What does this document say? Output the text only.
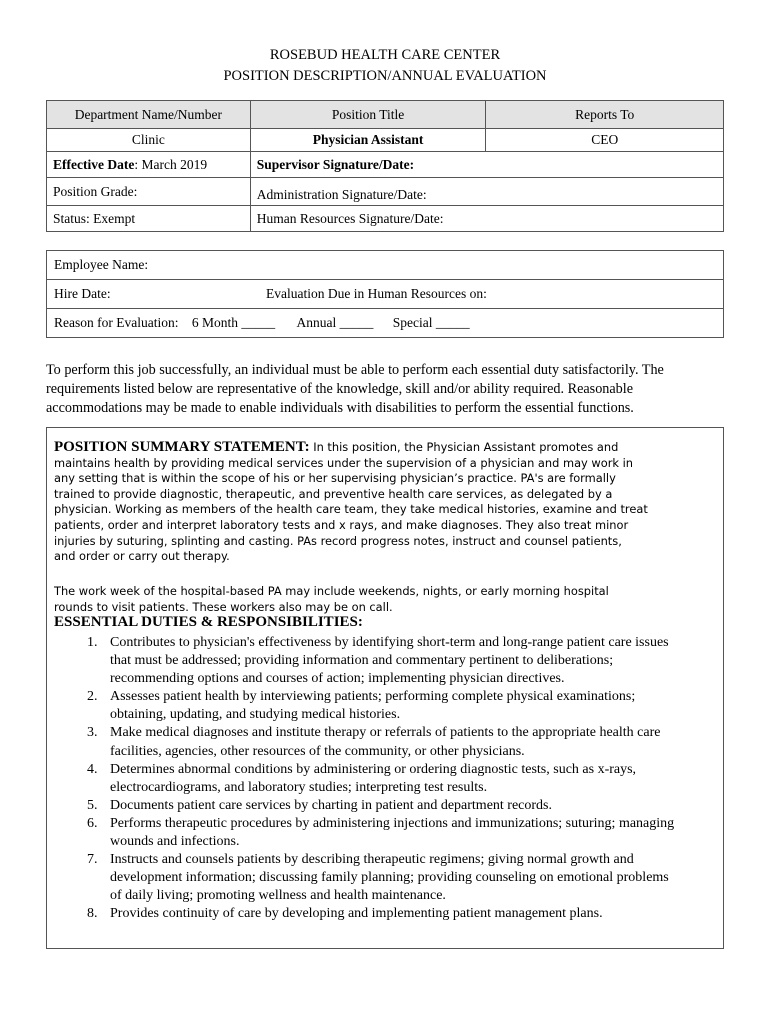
ROSEBUD HEALTH CARE CENTER
POSITION DESCRIPTION/ANNUAL EVALUATION
Department Name/Number	Position Title	Reports To
Clinic	Physician Assistant	CEO
Effective Date: March 2019	Supervisor Signature/Date:	
Position Grade:	Administration Signature/Date:	
Status: Exempt	Human Resources Signature/Date:	
Employee Name:
Hire Date:	Evaluation Due in Human Resources on:
Reason for Evaluation: 6 Month _____ Annual _____ Special _____
To perform this job successfully, an individual must be able to perform each essential duty satisfactorily. The requirements listed below are representative of the knowledge, skill and/or ability required. Reasonable accommodations may be made to enable individuals with disabilities to perform the essential functions.
POSITION SUMMARY STATEMENT: In this position, the Physician Assistant promotes and
maintains health by providing medical services under the supervision of a physician and may work in
any setting that is within the scope of his or her supervising physician’s practice. PA's are formally
trained to provide diagnostic, therapeutic, and preventive health care services, as delegated by a
physician. Working as members of the health care team, they take medical histories, examine and treat
patients, order and interpret laboratory tests and x rays, and make diagnoses. They also treat minor
injuries by suturing, splinting and casting. PAs record progress notes, instruct and counsel patients,
and order or carry out therapy.
The work week of the hospital-based PA may include weekends, nights, or early morning hospital
rounds to visit patients. These workers also may be on call.
ESSENTIAL DUTIES & RESPONSIBILITIES:
1. Contributes to physician's effectiveness by identifying short-term and long-range patient care issues
that must be addressed; providing information and commentary pertinent to deliberations;
recommending options and courses of action; implementing physician directives.
2. Assesses patient health by interviewing patients; performing complete physical examinations;
obtaining, updating, and studying medical histories.
3. Make medical diagnoses and institute therapy or referrals of patients to the appropriate health care
facilities, agencies, other resources of the community, or other physicians.
4. Determines abnormal conditions by administering or ordering diagnostic tests, such as x-rays,
electrocardiograms, and laboratory studies; interpreting test results.
5. Documents patient care services by charting in patient and department records.
6. Performs therapeutic procedures by administering injections and immunizations; suturing; managing
wounds and infections.
7. Instructs and counsels patients by describing therapeutic regimens; giving normal growth and
development information; discussing family planning; providing counseling on emotional problems
of daily living; promoting wellness and health maintenance.
8. Provides continuity of care by developing and implementing patient management plans.
